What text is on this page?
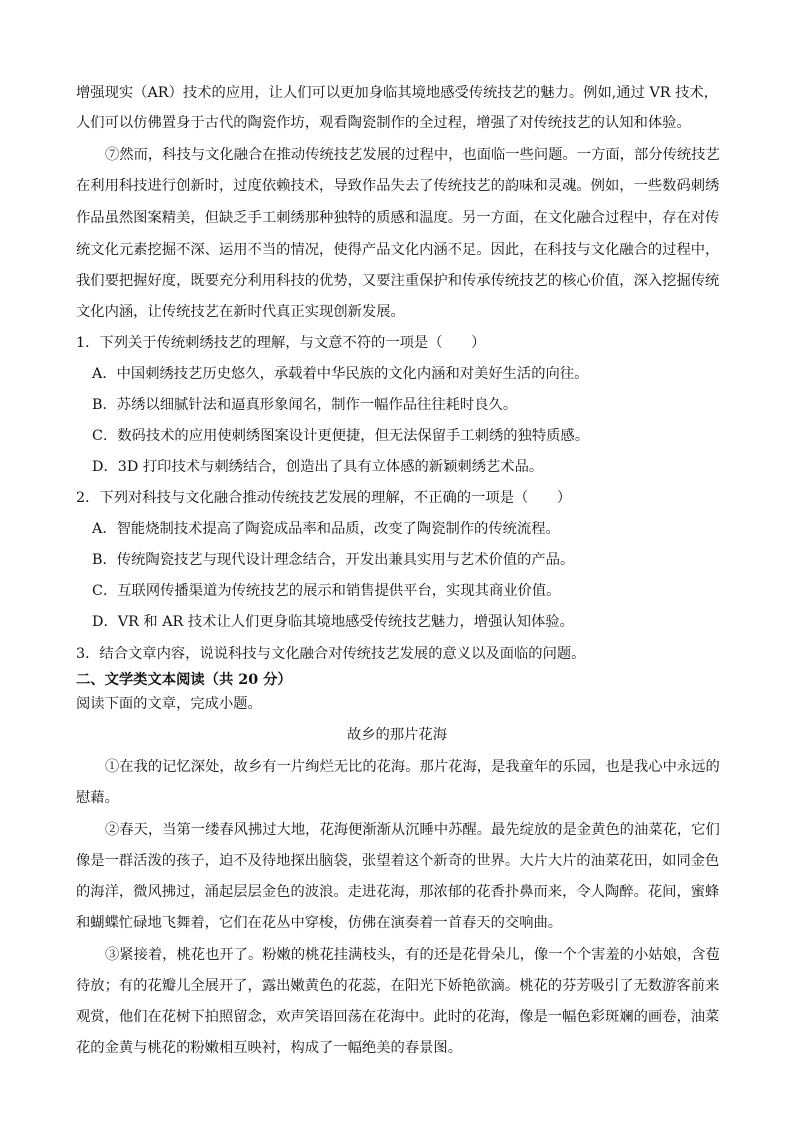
增强现实（AR）技术的应用，让人们可以更加身临其境地感受传统技艺的魅力。例如,通过 VR 技术，
人们可以仿佛置身于古代的陶瓷作坊，观看陶瓷制作的全过程，增强了对传统技艺的认知和体验。
⑦然而，科技与文化融合在推动传统技艺发展的过程中，也面临一些问题。一方面，部分传统技艺
在利用科技进行创新时，过度依赖技术，导致作品失去了传统技艺的韵味和灵魂。例如，一些数码刺绣
作品虽然图案精美，但缺乏手工刺绣那种独特的质感和温度。另一方面，在文化融合过程中，存在对传
统文化元素挖掘不深、运用不当的情况，使得产品文化内涵不足。因此，在科技与文化融合的过程中，
我们要把握好度，既要充分利用科技的优势，又要注重保护和传承传统技艺的核心价值，深入挖掘传统
文化内涵，让传统技艺在新时代真正实现创新发展。
1．下列关于传统刺绣技艺的理解，与文意不符的一项是（　　）
A．中国刺绣技艺历史悠久，承载着中华民族的文化内涵和对美好生活的向往。
B．苏绣以细腻针法和逼真形象闻名，制作一幅作品往往耗时良久。
C．数码技术的应用使刺绣图案设计更便捷，但无法保留手工刺绣的独特质感。
D．3D 打印技术与刺绣结合，创造出了具有立体感的新颖刺绣艺术品。
2．下列对科技与文化融合推动传统技艺发展的理解，不正确的一项是（　　）
A．智能烧制技术提高了陶瓷成品率和品质，改变了陶瓷制作的传统流程。
B．传统陶瓷技艺与现代设计理念结合，开发出兼具实用与艺术价值的产品。
C．互联网传播渠道为传统技艺的展示和销售提供平台，实现其商业价值。
D．VR 和 AR 技术让人们更身临其境地感受传统技艺魅力，增强认知体验。
3．结合文章内容，说说科技与文化融合对传统技艺发展的意义以及面临的问题。
二、文学类文本阅读（共 20 分）
阅读下面的文章，完成小题。
故乡的那片花海
①在我的记忆深处，故乡有一片绚烂无比的花海。那片花海，是我童年的乐园，也是我心中永远的
慰藉。
②春天，当第一缕春风拂过大地，花海便渐渐从沉睡中苏醒。最先绽放的是金黄色的油菜花，它们
像是一群活泼的孩子，迫不及待地探出脑袋，张望着这个新奇的世界。大片大片的油菜花田，如同金色
的海洋，微风拂过，涌起层层金色的波浪。走进花海，那浓郁的花香扑鼻而来，令人陶醉。花间，蜜蜂
和蝴蝶忙碌地飞舞着，它们在花丛中穿梭，仿佛在演奏着一首春天的交响曲。
③紧接着，桃花也开了。粉嫩的桃花挂满枝头，有的还是花骨朵儿，像一个个害羞的小姑娘，含苞
待放；有的花瓣儿全展开了，露出嫩黄色的花蕊，在阳光下娇艳欲滴。桃花的芬芳吸引了无数游客前来
观赏，他们在花树下拍照留念，欢声笑语回荡在花海中。此时的花海，像是一幅色彩斑斓的画卷，油菜
花的金黄与桃花的粉嫩相互映衬，构成了一幅绝美的春景图。
